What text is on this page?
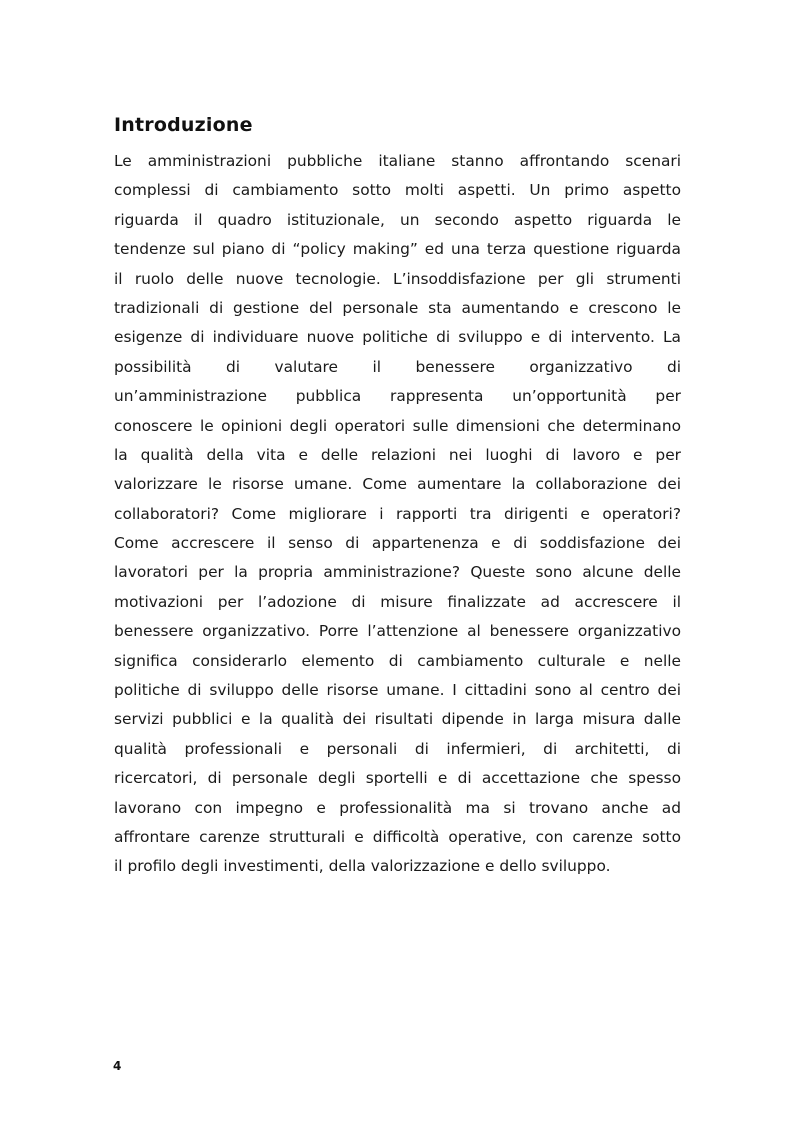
Introduzione
Le amministrazioni pubbliche italiane stanno affrontando scenari
complessi di cambiamento sotto molti aspetti. Un primo aspetto
riguarda il quadro istituzionale, un secondo aspetto riguarda le
tendenze sul piano di “policy making” ed una terza questione riguarda
il ruolo delle nuove tecnologie. L’insoddisfazione per gli strumenti
tradizionali di gestione del personale sta aumentando e crescono le
esigenze di individuare nuove politiche di sviluppo e di intervento. La
possibilità di valutare il benessere organizzativo di
un’amministrazione pubblica rappresenta un’opportunità per
conoscere le opinioni degli operatori sulle dimensioni che determinano
la qualità della vita e delle relazioni nei luoghi di lavoro e per
valorizzare le risorse umane. Come aumentare la collaborazione dei
collaboratori? Come migliorare i rapporti tra dirigenti e operatori?
Come accrescere il senso di appartenenza e di soddisfazione dei
lavoratori per la propria amministrazione? Queste sono alcune delle
motivazioni per l’adozione di misure finalizzate ad accrescere il
benessere organizzativo. Porre l’attenzione al benessere organizzativo
significa considerarlo elemento di cambiamento culturale e nelle
politiche di sviluppo delle risorse umane. I cittadini sono al centro dei
servizi pubblici e la qualità dei risultati dipende in larga misura dalle
qualità professionali e personali di infermieri, di architetti, di
ricercatori, di personale degli sportelli e di accettazione che spesso
lavorano con impegno e professionalità ma si trovano anche ad
affrontare carenze strutturali e difficoltà operative, con carenze sotto
il profilo degli investimenti, della valorizzazione e dello sviluppo.
4
